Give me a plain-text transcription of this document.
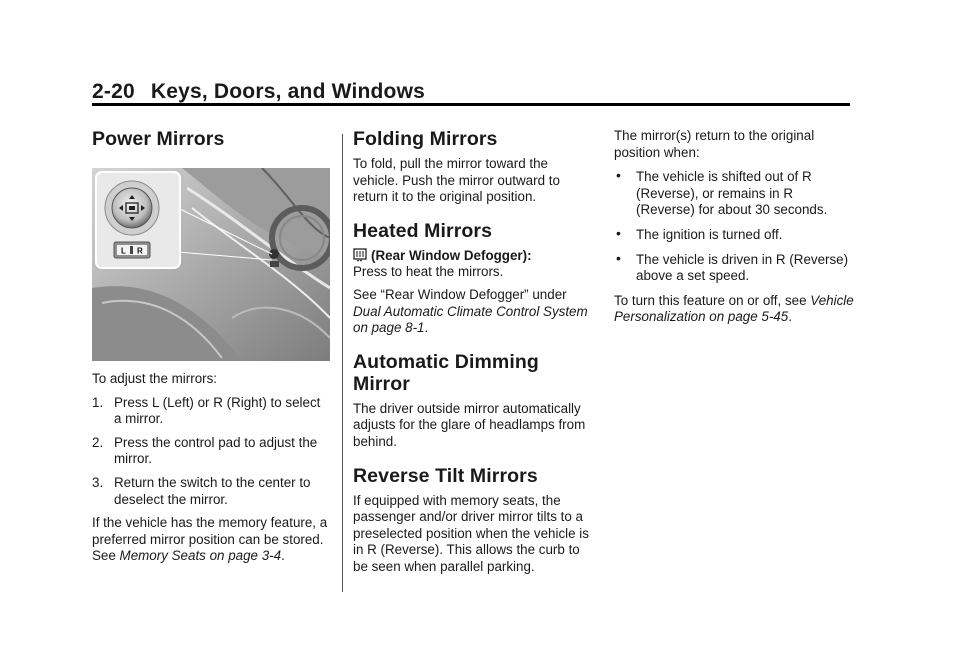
2-20 Keys, Doors, and Windows
Power Mirrors
L R

To adjust the mirrors:

1. Press L (Left) or R (Right) to select a mirror.
2. Press the control pad to adjust the mirror.
3. Return the switch to the center to deselect the mirror.

If the vehicle has the memory feature, a preferred mirror position can be stored. See Memory Seats on page 3-4.

Folding Mirrors

To fold, pull the mirror toward the vehicle. Push the mirror outward to return it to the original position.

Heated Mirrors

(Rear Window Defogger):
Press to heat the mirrors.

See “Rear Window Defogger” under Dual Automatic Climate Control System on page 8-1.

Automatic Dimming Mirror

The driver outside mirror automatically adjusts for the glare of headlamps from behind.

Reverse Tilt Mirrors

If equipped with memory seats, the passenger and/or driver mirror tilts to a preselected position when the vehicle is in R (Reverse). This allows the curb to be seen when parallel parking.

The mirror(s) return to the original position when:

• The vehicle is shifted out of R (Reverse), or remains in R (Reverse) for about 30 seconds.
• The ignition is turned off.
• The vehicle is driven in R (Reverse) above a set speed.

To turn this feature on or off, see Vehicle Personalization on page 5-45.
